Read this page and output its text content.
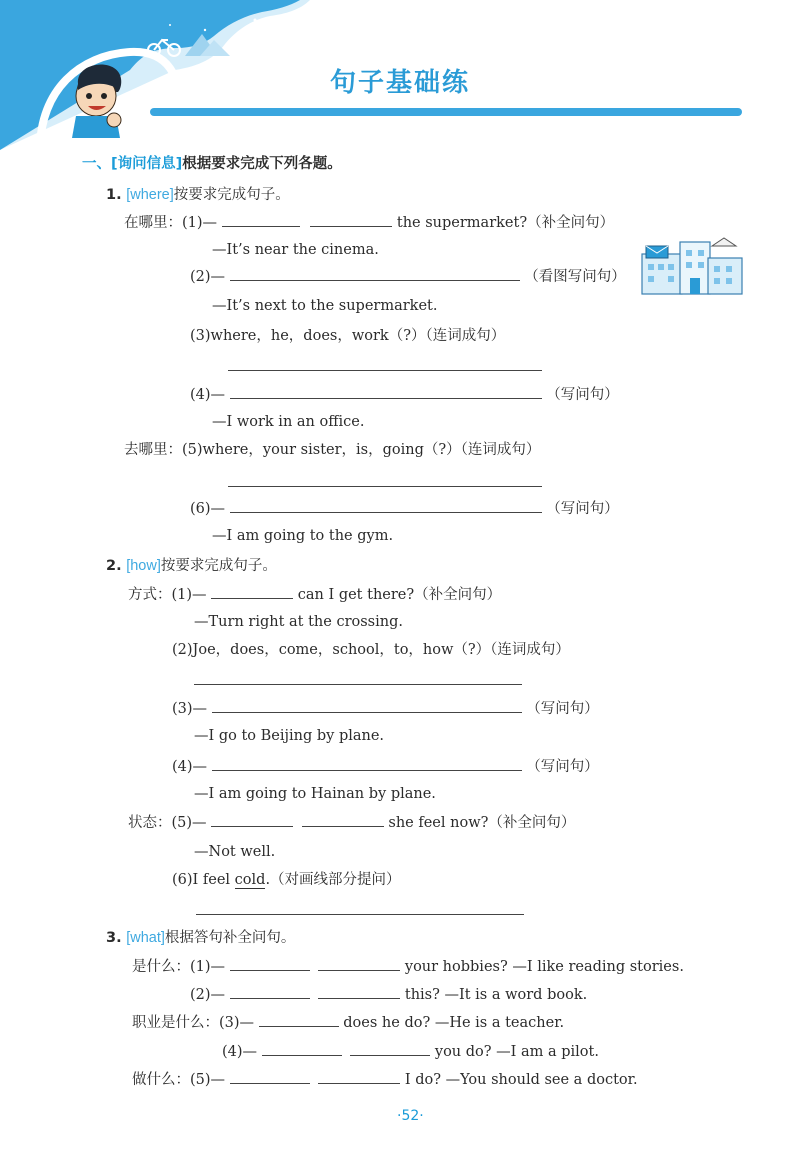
句子基础练
一、[询问信息]根据要求完成下列各题。
1. [where]按要求完成句子。
在哪里：(1)—	the supermarket?（补全问句）
—It’s near the cinema.
(2)—	（看图写问句）
—It’s next to the supermarket.
(3)where，he，does，work（?）（连词成句）
(4)—	（写问句）
—I work in an office.
去哪里：(5)where，your sister，is，going（?）（连词成句）
(6)—	（写问句）
—I am going to the gym.
2. [how]按要求完成句子。
方式：(1)—	can I get there?（补全问句）
—Turn right at the crossing.
(2)Joe，does，come，school，to，how（?）（连词成句）
(3)—	（写问句）
—I go to Beijing by plane.
(4)—	（写问句）
—I am going to Hainan by plane.
状态：(5)—	she feel now?（补全问句）
—Not well.
(6)I feel cold.（对画线部分提问）
3. [what]根据答句补全问句。
是什么：(1)—	your hobbies? —I like reading stories.
(2)—	this? —It is a word book.
职业是什么：(3)—	does he do? —He is a teacher.
(4)—	you do? —I am a pilot.
做什么：(5)—	I do? —You should see a doctor.
·52·
